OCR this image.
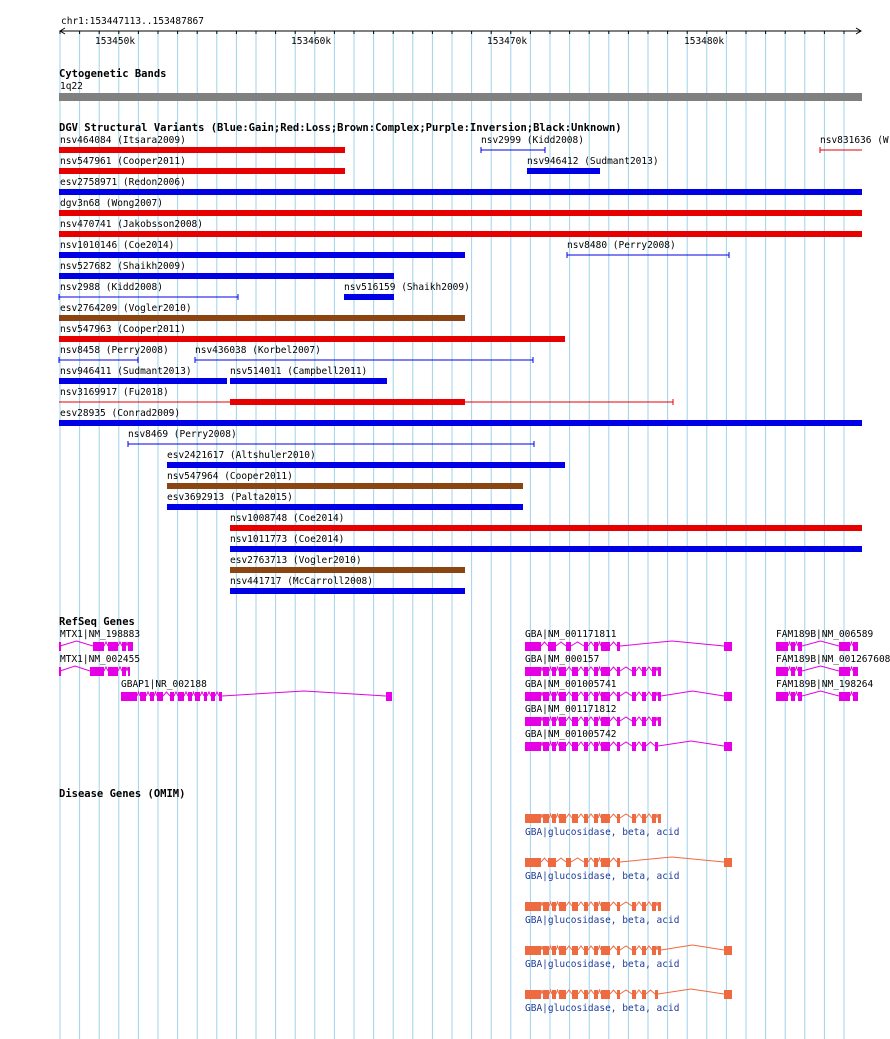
chr1:153447113..153487867
153450k	153460k	153470k	153480k
Cytogenetic Bands
1q22
DGV Structural Variants (Blue:Gain;Red:Loss;Brown:Complex;Purple:Inversion;Black:Unknown)
nsv464084 (Itsara2009)	nsv2999 (Kidd2008)	nsv831636 (W
nsv547961 (Cooper2011)	nsv946412 (Sudmant2013)
esv2758971 (Redon2006)
dgv3n68 (Wong2007)
nsv470741 (Jakobsson2008)
nsv1010146 (Coe2014)	nsv8480 (Perry2008)
nsv527682 (Shaikh2009)
nsv2988 (Kidd2008)	nsv516159 (Shaikh2009)
esv2764209 (Vogler2010)
nsv547963 (Cooper2011)
nsv8458 (Perry2008)	nsv436038 (Korbel2007)
nsv946411 (Sudmant2013)	nsv514011 (Campbell2011)
nsv3169917 (Fu2018)
esv28935 (Conrad2009)
nsv8469 (Perry2008)
esv2421617 (Altshuler2010)
nsv547964 (Cooper2011)
esv3692913 (Palta2015)
nsv1008748 (Coe2014)
nsv1011773 (Coe2014)
esv2763713 (Vogler2010)
nsv441717 (McCarroll2008)
RefSeq Genes
MTX1|NM_198883
MTX1|NM_002455
GBAP1|NR_002188
GBA|NM_001171811
GBA|NM_000157
GBA|NM_001005741
GBA|NM_001171812
GBA|NM_001005742
FAM189B|NM_006589
FAM189B|NM_001267608
FAM189B|NM_198264
Disease Genes (OMIM)
GBA|glucosidase, beta, acid
GBA|glucosidase, beta, acid
GBA|glucosidase, beta, acid
GBA|glucosidase, beta, acid
GBA|glucosidase, beta, acid
